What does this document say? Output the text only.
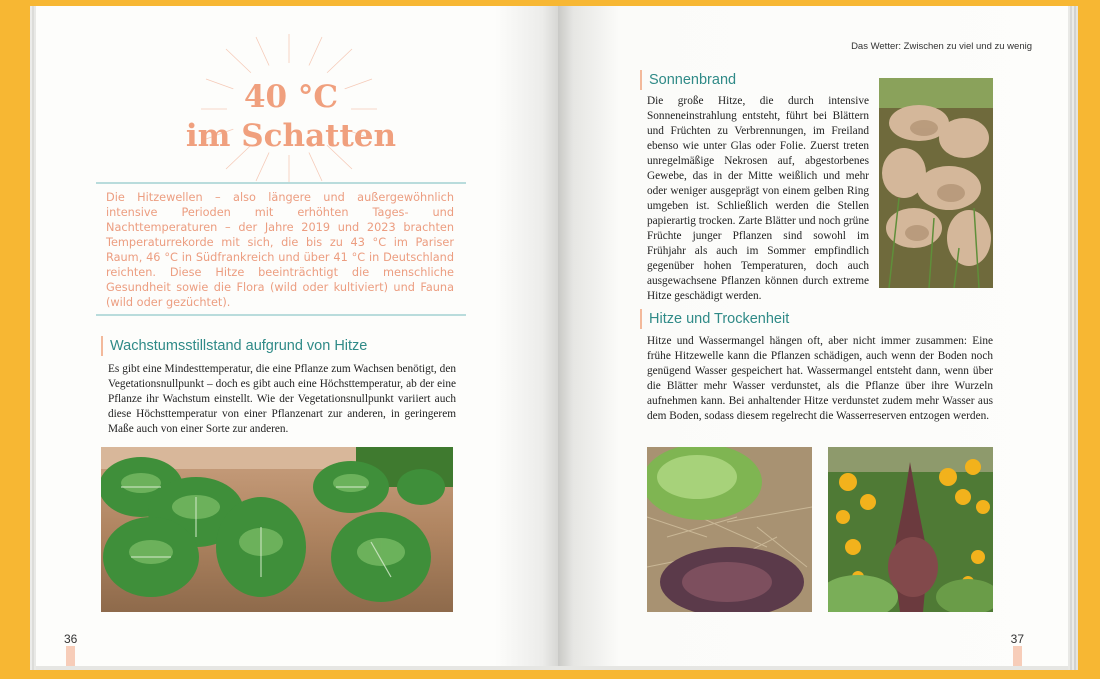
40 °C
im Schatten
Die Hitzewellen – also längere und außergewöhnlich intensive Perioden mit erhöhten Tages- und Nachttemperaturen – der Jahre 2019 und 2023 brachten Temperaturrekorde mit sich, die bis zu 43 °C im Pariser Raum, 46 °C in Südfrankreich und über 41 °C in Deutschland reichten. Diese Hitze beeinträchtigt die menschliche Gesundheit sowie die Flora (wild oder kultiviert) und Fauna (wild oder gezüchtet).
Wachstumsstillstand aufgrund von Hitze

Es gibt eine Mindesttemperatur, die eine Pflanze zum Wachsen benötigt, den Vegetationsnullpunkt – doch es gibt auch eine Höchsttemperatur, ab der eine Pflanze ihr Wachstum einstellt. Wie der Vegetationsnullpunkt variiert auch diese Höchsttemperatur von einer Pflanzenart zur anderen, in geringerem Maße auch von einer Sorte zur anderen.

36
Das Wetter: Zwischen zu viel und zu wenig
Sonnenbrand

Die große Hitze, die durch intensive Sonneneinstrahlung entsteht, führt bei Blättern und Früchten zu Verbrennungen, im Freiland ebenso wie unter Glas oder Folie. Zuerst treten unregelmäßige Nekrosen auf, abgestorbenes Gewebe, das in der Mitte weißlich und mehr oder weniger ausgeprägt von einem gelben Ring umgeben ist. Schließlich werden die Stellen papierartig trocken. Zarte Blätter und noch grüne Früchte junger Pflanzen sind sowohl im Frühjahr als auch im Sommer empfindlich gegenüber hohen Temperaturen, doch auch ausgewachsene Pflanzen können durch extreme Hitze geschädigt werden.

Hitze und Trockenheit

Hitze und Wassermangel hängen oft, aber nicht immer zusammen: Eine frühe Hitzewelle kann die Pflanzen schädigen, auch wenn der Boden noch genügend Wasser gespeichert hat. Wassermangel entsteht dann, wenn über die Blätter mehr Wasser verdunstet, als die Pflanze über ihre Wurzeln aufnehmen kann. Bei anhaltender Hitze verdunstet zudem mehr Wasser aus dem Boden, sodass diesem regelrecht die Wasserreserven entzogen werden.

37
